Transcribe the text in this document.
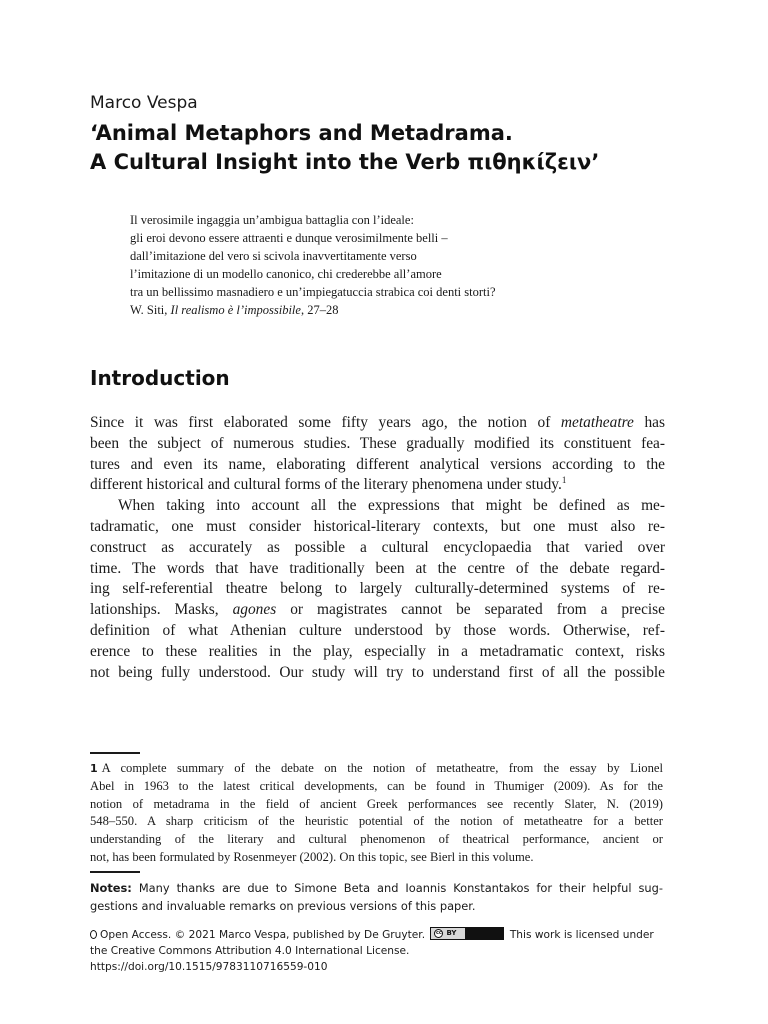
Marco Vespa
‘Animal Metaphors and Metadrama.
A Cultural Insight into the Verb πιθηκίζειν’
Il verosimile ingaggia un’ambigua battaglia con l’ideale:
gli eroi devono essere attraenti e dunque verosimilmente belli –
dall’imitazione del vero si scivola inavvertitamente verso
l’imitazione di un modello canonico, chi crederebbe all’amore
tra un bellissimo masnadiero e un’impiegatuccia strabica coi denti storti?
W. Siti, Il realismo è l’impossibile, 27–28
Introduction
Since it was first elaborated some fifty years ago, the notion of metatheatre has
been the subject of numerous studies. These gradually modified its constituent fea-
tures and even its name, elaborating different analytical versions according to the
different historical and cultural forms of the literary phenomena under study.$^1$
When taking into account all the expressions that might be defined as me-
tadramatic, one must consider historical-literary contexts, but one must also re-
construct as accurately as possible a cultural encyclopaedia that varied over
time. The words that have traditionally been at the centre of the debate regard-
ing self-referential theatre belong to largely culturally-determined systems of re-
lationships. Masks, agones or magistrates cannot be separated from a precise
definition of what Athenian culture understood by those words. Otherwise, ref-
erence to these realities in the play, especially in a metadramatic context, risks
not being fully understood. Our study will try to understand first of all the possible
1 A complete summary of the debate on the notion of metatheatre, from the essay by Lionel
Abel in 1963 to the latest critical developments, can be found in Thumiger (2009). As for the
notion of metadrama in the field of ancient Greek performances see recently Slater, N. (2019)
548–550. A sharp criticism of the heuristic potential of the notion of metatheatre for a better
understanding of the literary and cultural phenomenon of theatrical performance, ancient or
not, has been formulated by Rosenmeyer (2002). On this topic, see Bierl in this volume.
Notes: Many thanks are due to Simone Beta and Ioannis Konstantakos for their helpful sug-
gestions and invaluable remarks on previous versions of this paper.
Open Access. © 2021 Marco Vespa, published by De Gruyter.	cc BY	This work is licensed under
the Creative Commons Attribution 4.0 International License.
https://doi.org/10.1515/9783110716559-010
